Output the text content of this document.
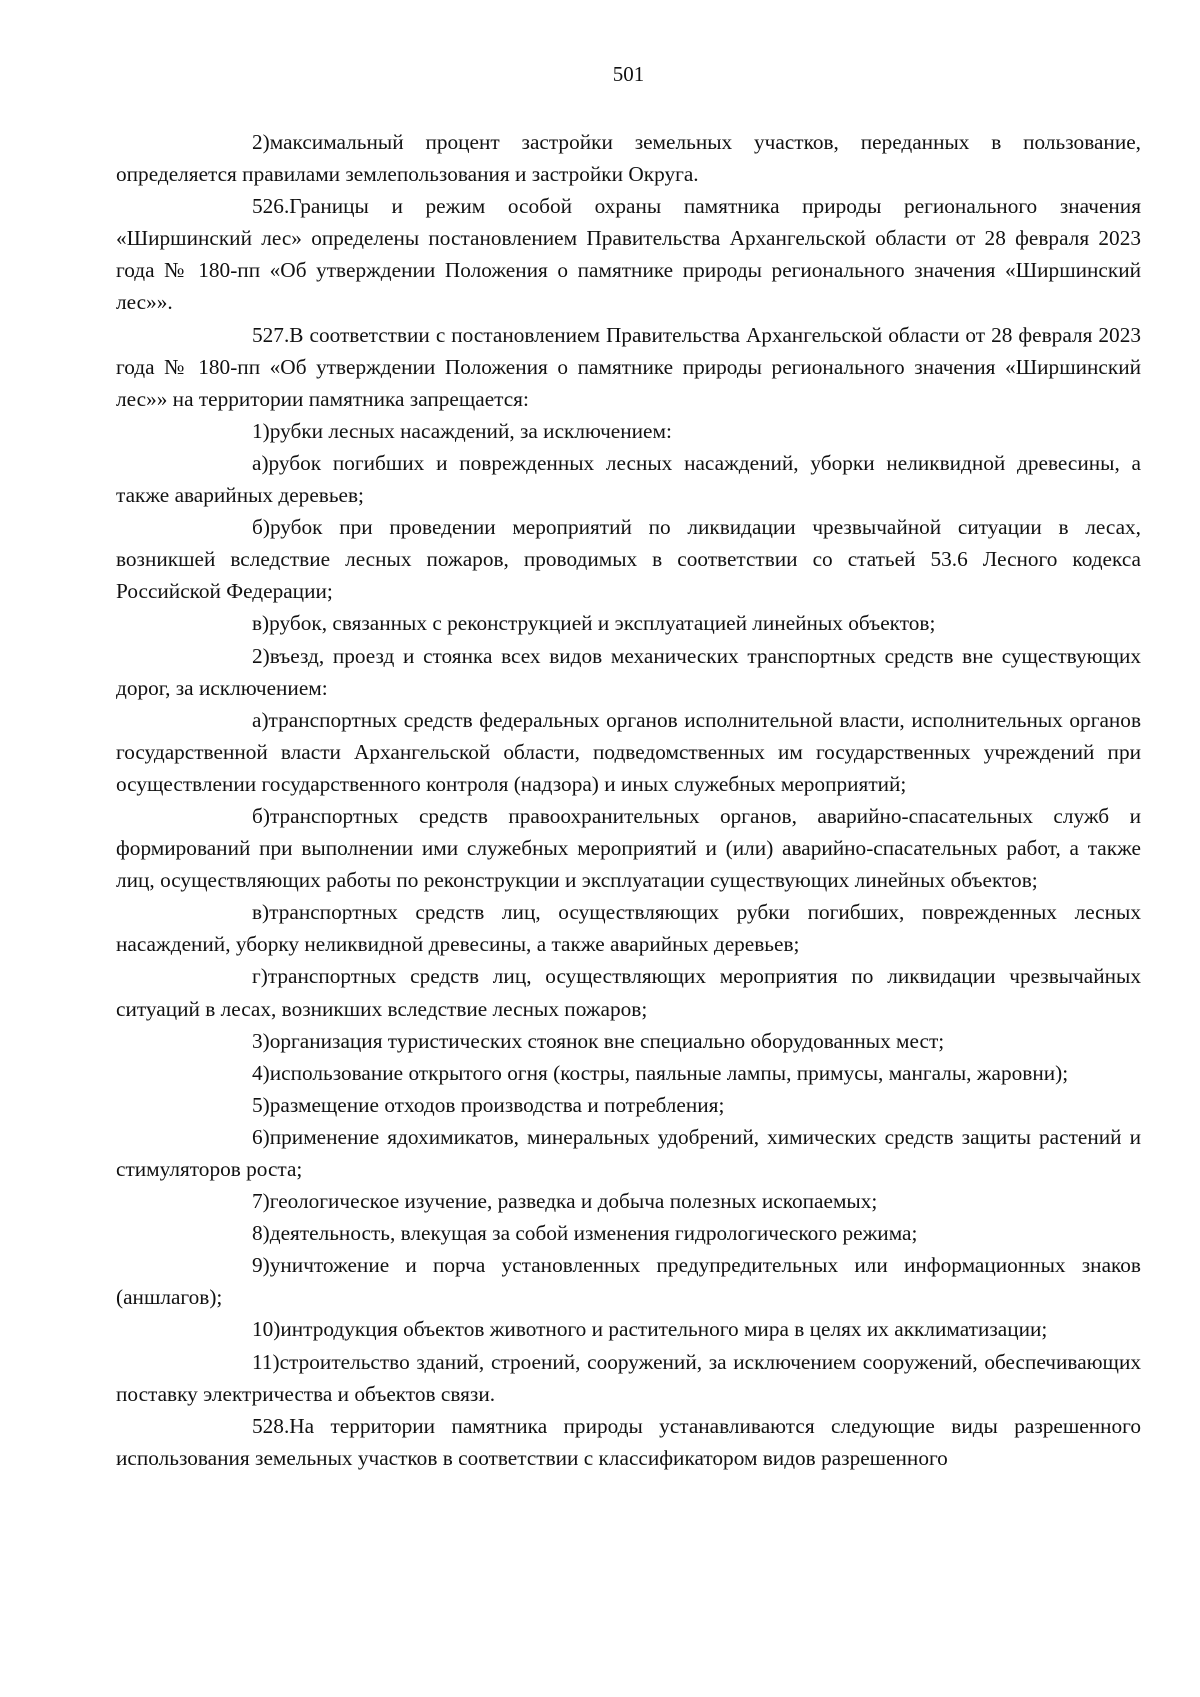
501

2)максимальный процент застройки земельных участков, переданных в пользование, определяется правилами землепользования и застройки Округа.

526.Границы и режим особой охраны памятника природы регионального значения «Ширшинский лес» определены постановлением Правительства Архангельской области от 28 февраля 2023 года № 180-пп «Об утверждении Положения о памятнике природы регионального значения «Ширшинский лес»».

527.В соответствии с постановлением Правительства Архангельской области от 28 февраля 2023 года № 180-пп «Об утверждении Положения о памятнике природы регионального значения «Ширшинский лес»» на территории памятника запрещается:

1)рубки лесных насаждений, за исключением:

а)рубок погибших и поврежденных лесных насаждений, уборки неликвидной древесины, а также аварийных деревьев;

б)рубок при проведении мероприятий по ликвидации чрезвычайной ситуации в лесах, возникшей вследствие лесных пожаров, проводимых в соответствии со статьей 53.6 Лесного кодекса Российской Федерации;

в)рубок, связанных с реконструкцией и эксплуатацией линейных объектов;

2)въезд, проезд и стоянка всех видов механических транспортных средств вне существующих дорог, за исключением:

а)транспортных средств федеральных органов исполнительной власти, исполнительных органов государственной власти Архангельской области, подведомственных им государственных учреждений при осуществлении государственного контроля (надзора) и иных служебных мероприятий;

б)транспортных средств правоохранительных органов, аварийно-спасательных служб и формирований при выполнении ими служебных мероприятий и (или) аварийно-спасательных работ, а также лиц, осуществляющих работы по реконструкции и эксплуатации существующих линейных объектов;

в)транспортных средств лиц, осуществляющих рубки погибших, поврежденных лесных насаждений, уборку неликвидной древесины, а также аварийных деревьев;

г)транспортных средств лиц, осуществляющих мероприятия по ликвидации чрезвычайных ситуаций в лесах, возникших вследствие лесных пожаров;

3)организация туристических стоянок вне специально оборудованных мест;

4)использование открытого огня (костры, паяльные лампы, примусы, мангалы, жаровни);

5)размещение отходов производства и потребления;

6)применение ядохимикатов, минеральных удобрений, химических средств защиты растений и стимуляторов роста;

7)геологическое изучение, разведка и добыча полезных ископаемых;

8)деятельность, влекущая за собой изменения гидрологического режима;

9)уничтожение и порча установленных предупредительных или информационных знаков (аншлагов);

10)интродукция объектов животного и растительного мира в целях их акклиматизации;

11)строительство зданий, строений, сооружений, за исключением сооружений, обеспечивающих поставку электричества и объектов связи.

528.На территории памятника природы устанавливаются следующие виды разрешенного использования земельных участков в соответствии с классификатором видов разрешенного
